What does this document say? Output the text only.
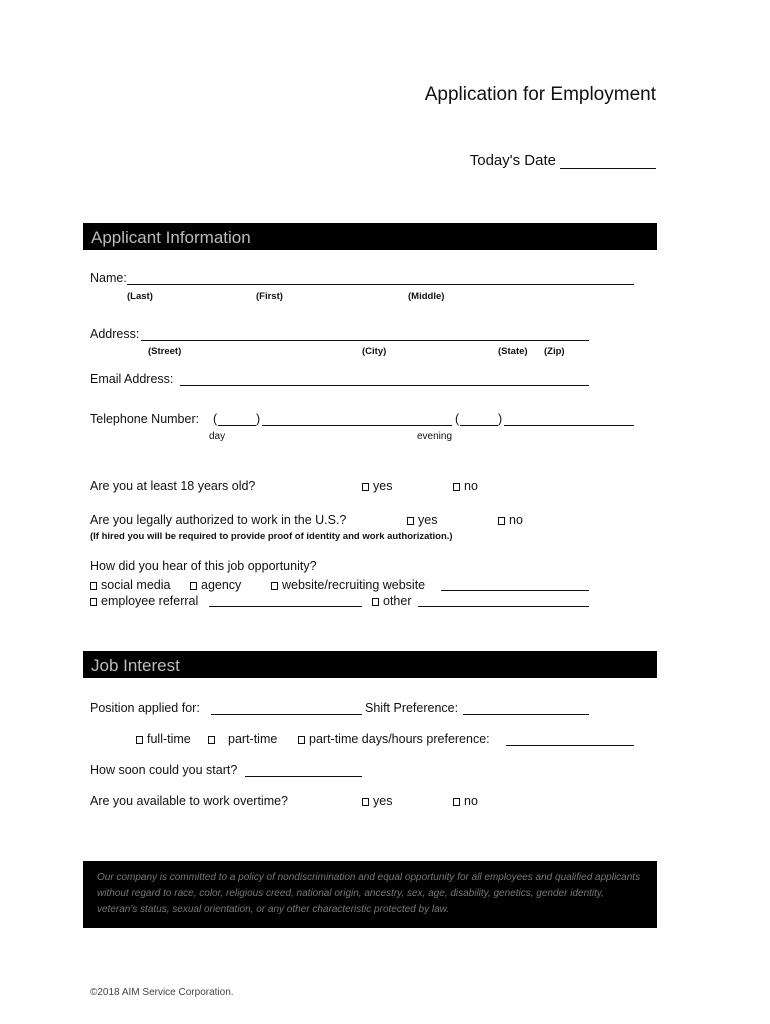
Application for Employment
Today's Date
Applicant Information
Name:
(Last)	(First)	(Middle)
Address:
(Street)	(City)	(State) (Zip)
Email Address:
Telephone Number: (	)	(	)
day	evening
Are you at least 18 years old?	yes	no
Are you legally authorized to work in the U.S.?	yes	no
(If hired you will be required to provide proof of identity and work authorization.)
How did you hear of this job opportunity?
social media	agency	website/recruiting website
employee referral	other
Job Interest
Position applied for:	Shift Preference:
full-time	part-time	part-time days/hours preference:
How soon could you start?
Are you available to work overtime?	yes	no
Our company is committed to a policy of nondiscrimination and equal opportunity for all employees and qualified applicants without regard to race, color, religious creed, national origin, ancestry, sex, age, disability, genetics, gender identity, veteran's status, sexual orientation, or any other characteristic protected by law.
©2018 AIM Service Corporation.
